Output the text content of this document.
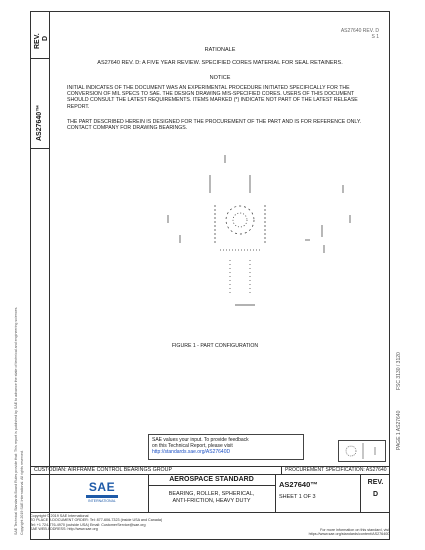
REV. D
AS27640™
SAE Technical Standards Board Rules provide that: This report is published by SAE to advance the state of technical and engineering sciences. Copyright 2019 SAE International. All rights reserved.
AS27640 REV. D
S 1
RATIONALE
AS27640 REV. D: A FIVE YEAR REVIEW. SPECIFIED CORES MATERIAL FOR SEAL RETAINERS.
NOTICE
INITIAL INDICATES OF THE DOCUMENT WAS AN EXPERIMENTAL PROCEDURE INITIATED SPECIFICALLY FOR THE CONVERSION OF MIL SPECS TO SAE. THE DESIGN DRAWING MIS-SPECIFIED CORES. USERS OF THIS DOCUMENT SHOULD CONSULT THE LATEST REQUIREMENTS. ITEMS MARKED (*) INDICATE NOT PART OF THE LATEST RELEASE REPORT.
THE PART DESCRIBED HEREIN IS DESIGNED FOR THE PROCUREMENT OF THE PART AND IS FOR REFERENCE ONLY. CONTACT COMPANY FOR DRAWING BEARINGS.
FIGURE 1 - PART CONFIGURATION
FSC 3130 / 3120
PAGE 1 AS27640
SAE values your input. To provide feedback
on this Technical Report, please visit
http://standards.sae.org/AS27640D
CUSTODIAN: AIRFRAME CONTROL BEARINGS GROUP	PROCUREMENT SPECIFICATION: AS27640
SAE
INTERNATIONAL
AEROSPACE STANDARD
BEARING, ROLLER, SPHERICAL,
ANTI-FRICTION, HEAVY DUTY
AS27640™
SHEET 1 OF 3
REV.
D
Copyright © 2019 SAE International
TO PLACE A DOCUMENT ORDER: Tel: 877-606-7323 (inside USA and Canada)
Tel: +1 724-776-4970 (outside USA) Email: CustomerService@sae.org
SAE WEB ADDRESS: http://www.sae.org	For more information on this standard, visit
https://www.sae.org/standards/content/AS27640D
